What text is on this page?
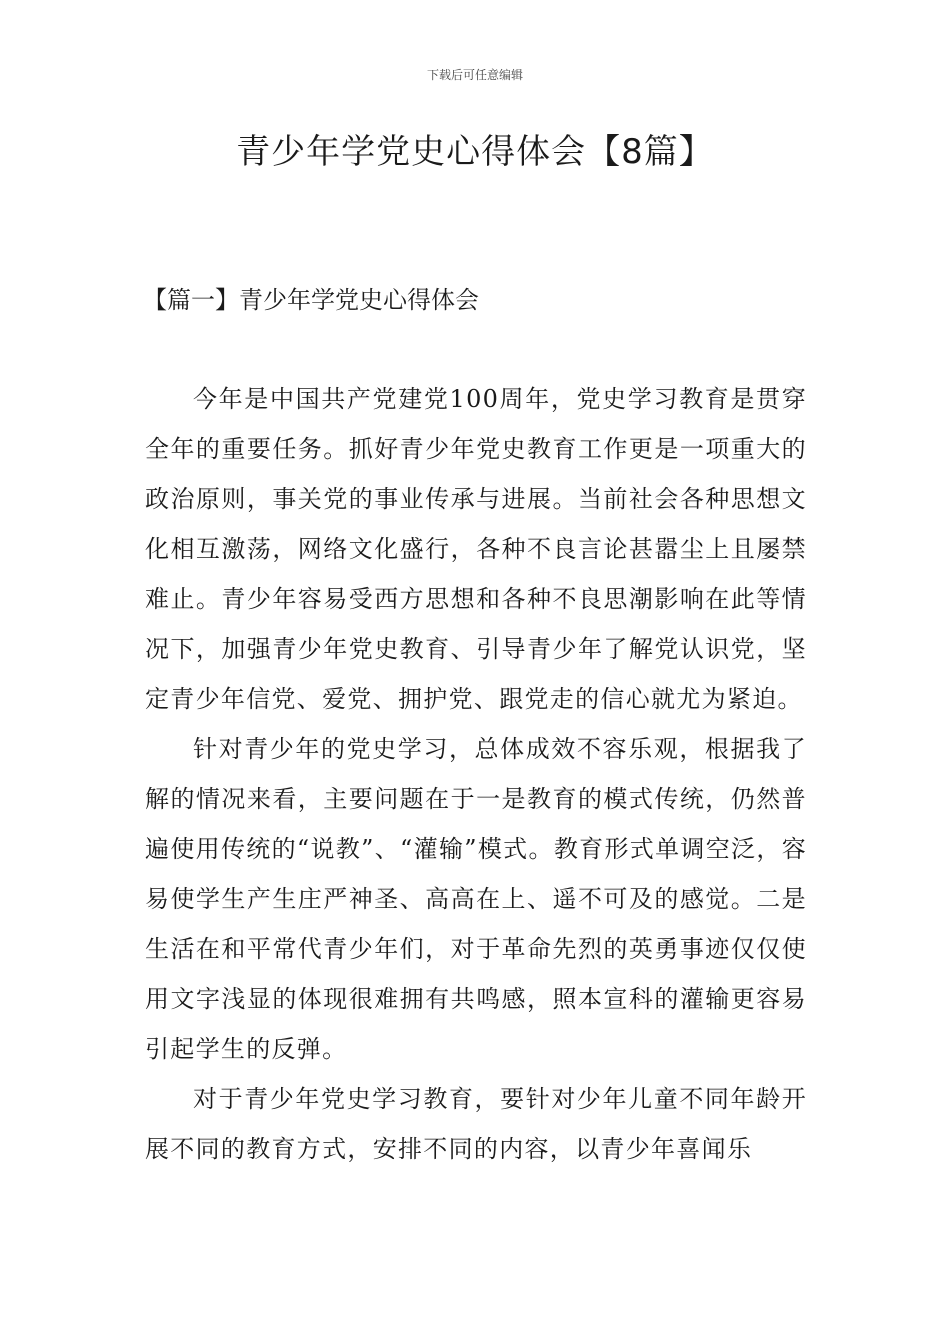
下载后可任意编辑
青少年学党史心得体会【8篇】
【篇一】青少年学党史心得体会

今年是中国共产党建党100周年，党史学习教育是贯穿全年的重要任务。抓好青少年党史教育工作更是一项重大的政治原则，事关党的事业传承与进展。当前社会各种思想文化相互激荡，网络文化盛行，各种不良言论甚嚣尘上且屡禁难止。青少年容易受西方思想和各种不良思潮影响在此等情况下，加强青少年党史教育、引导青少年了解党认识党，坚定青少年信党、爱党、拥护党、跟党走的信心就尤为紧迫。

针对青少年的党史学习，总体成效不容乐观，根据我了解的情况来看，主要问题在于一是教育的模式传统，仍然普遍使用传统的“说教”、“灌输”模式。教育形式单调空泛，容易使学生产生庄严神圣、高高在上、遥不可及的感觉。二是生活在和平常代青少年们，对于革命先烈的英勇事迹仅仅使用文字浅显的体现很难拥有共鸣感，照本宣科的灌输更容易引起学生的反弹。

对于青少年党史学习教育，要针对少年儿童不同年龄开展不同的教育方式，安排不同的内容，以青少年喜闻乐
